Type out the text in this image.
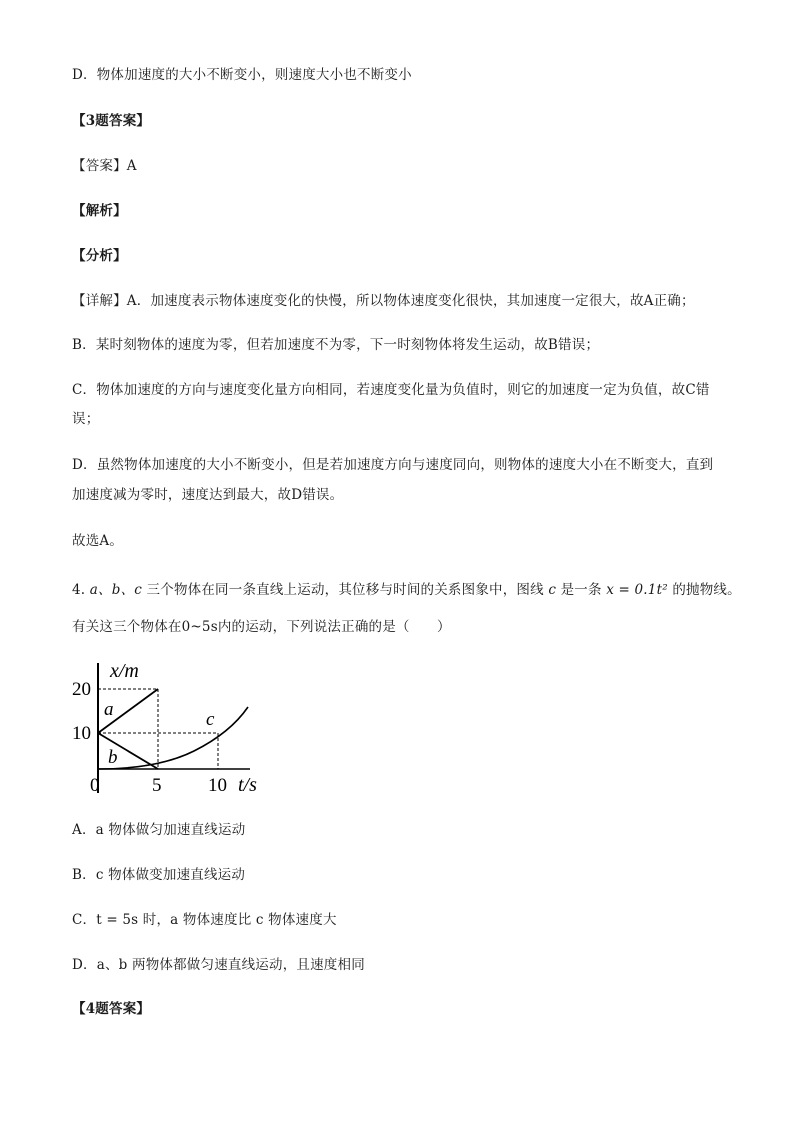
D．物体加速度的大小不断变小，则速度大小也不断变小
【3题答案】
【答案】A
【解析】
【分析】
【详解】A．加速度表示物体速度变化的快慢，所以物体速度变化很快，其加速度一定很大，故A正确；
B．某时刻物体的速度为零，但若加速度不为零，下一时刻物体将发生运动，故B错误；
C．物体加速度的方向与速度变化量方向相同，若速度变化量为负值时，则它的加速度一定为负值，故C错
误；
D．虽然物体加速度的大小不断变小，但是若加速度方向与速度同向，则物体的速度大小在不断变大，直到
加速度减为零时，速度达到最大，故D错误。
故选A。
4. a、b、c 三个物体在同一条直线上运动，其位移与时间的关系图象中，图线 c 是一条 x = 0.1t² 的抛物线。
有关这三个物体在0~5s内的运动，下列说法正确的是（　　）
x/m
t/s
20
10
0	5 10
a
b
c
A．a 物体做匀加速直线运动
B．c 物体做变加速直线运动
C．t = 5s 时，a 物体速度比 c 物体速度大
D．a、b 两物体都做匀速直线运动，且速度相同
【4题答案】
